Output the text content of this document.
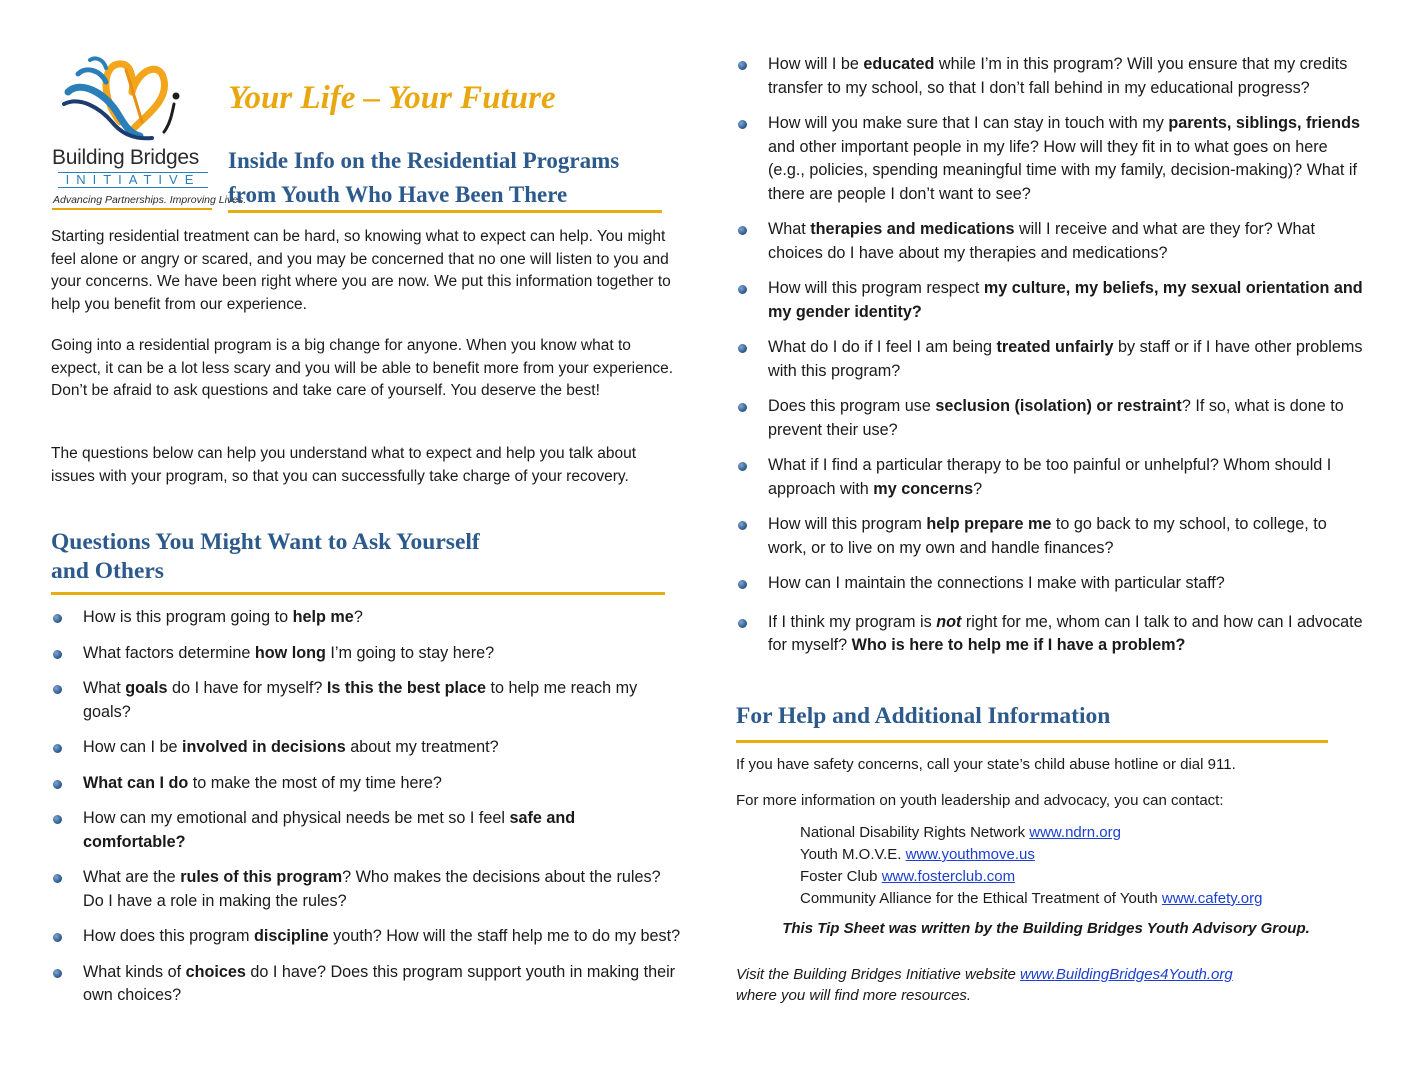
Building Bridges
INITIATIVE
Advancing Partnerships. Improving Lives.
Your Life – Your Future
Inside Info on the Residential Programs
from Youth Who Have Been There
Starting residential treatment can be hard, so knowing what to expect can help. You might feel alone or angry or scared, and you may be concerned that no one will listen to you and your concerns. We have been right where you are now. We put this information together to help you benefit from our experience.
Going into a residential program is a big change for anyone. When you know what to expect, it can be a lot less scary and you will be able to benefit more from your experience. Don’t be afraid to ask questions and take care of yourself. You deserve the best!
The questions below can help you understand what to expect and help you talk about issues with your program, so that you can successfully take charge of your recovery.
Questions You Might Want to Ask Yourself
and Others
How is this program going to help me?
What factors determine how long I’m going to stay here?
What goals do I have for myself? Is this the best place to help me reach my goals?
How can I be involved in decisions about my treatment?
What can I do to make the most of my time here?
How can my emotional and physical needs be met so I feel safe and comfortable?
What are the rules of this program? Who makes the decisions about the rules? Do I have a role in making the rules?
How does this program discipline youth? How will the staff help me to do my best?
What kinds of choices do I have? Does this program support youth in making their own choices?
How will I be educated while I’m in this program? Will you ensure that my credits transfer to my school, so that I don’t fall behind in my educational progress?
How will you make sure that I can stay in touch with my parents, siblings, friends and other important people in my life? How will they fit in to what goes on here (e.g., policies, spending meaningful time with my family, decision-making)? What if there are people I don’t want to see?
What therapies and medications will I receive and what are they for? What choices do I have about my therapies and medications?
How will this program respect my culture, my beliefs, my sexual orientation and my gender identity?
What do I do if I feel I am being treated unfairly by staff or if I have other problems with this program?
Does this program use seclusion (isolation) or restraint? If so, what is done to prevent their use?
What if I find a particular therapy to be too painful or unhelpful? Whom should I approach with my concerns?
How will this program help prepare me to go back to my school, to college, to work, or to live on my own and handle finances?
How can I maintain the connections I make with particular staff?
If I think my program is not right for me, whom can I talk to and how can I advocate for myself? Who is here to help me if I have a problem?
For Help and Additional Information
If you have safety concerns, call your state’s child abuse hotline or dial 911.
For more information on youth leadership and advocacy, you can contact:
National Disability Rights Network www.ndrn.org
Youth M.O.V.E. www.youthmove.us
Foster Club www.fosterclub.com
Community Alliance for the Ethical Treatment of Youth www.cafety.org
This Tip Sheet was written by the Building Bridges Youth Advisory Group.
Visit the Building Bridges Initiative website www.BuildingBridges4Youth.org
where you will find more resources.
